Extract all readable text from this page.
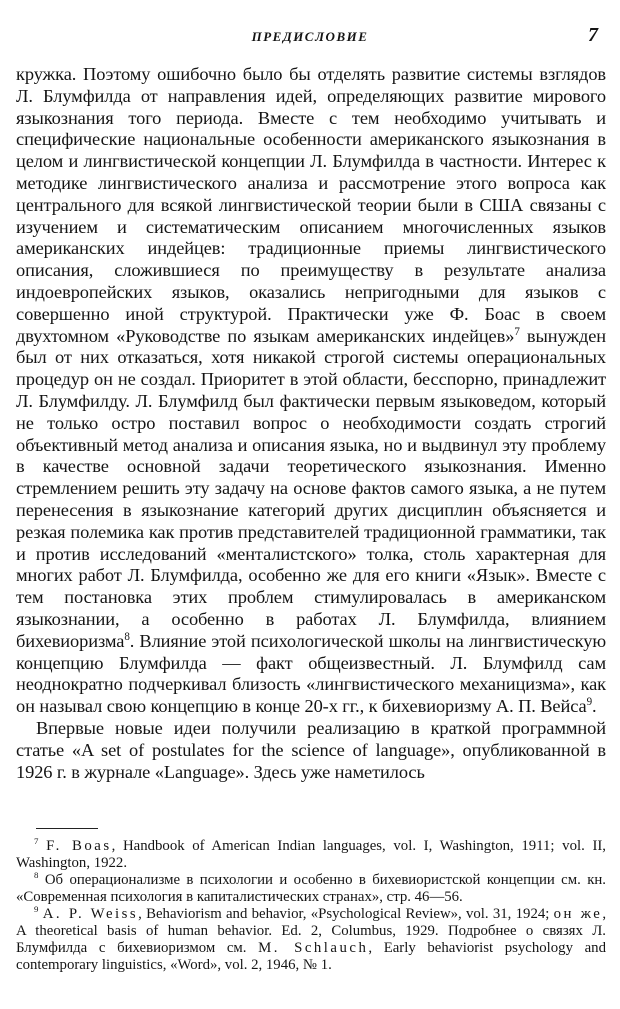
ПРЕДИСЛОВИЕ	7

кружка. Поэтому ошибочно было бы отделять развитие системы взглядов Л. Блумфилда от направления идей, определяющих развитие мирового языкознания того периода. Вместе с тем необходимо учитывать и специфические национальные особенности американского языкознания в целом и лингвистической концепции Л. Блумфилда в частности. Интерес к методике лингвистического анализа и рассмотрение этого вопроса как центрального для всякой лингвистической теории были в США связаны с изучением и систематическим описанием многочисленных языков американских индейцев: традиционные приемы лингвистического описания, сложившиеся по преимуществу в результате анализа индоевропейских языков, оказались непригодными для языков с совершенно иной структурой. Практически уже Ф. Боас в своем двухтомном «Руководстве по языкам американских индейцев»$^7$ вынужден был от них отказаться, хотя никакой строгой системы операциональных процедур он не создал. Приоритет в этой области, бесспорно, принадлежит Л. Блумфилду. Л. Блумфилд был фактически первым языковедом, который не только остро поставил вопрос о необходимости создать строгий объективный метод анализа и описания языка, но и выдвинул эту проблему в качестве основной задачи теоретического языкознания. Именно стремлением решить эту задачу на основе фактов самого языка, а не путем перенесения в языкознание категорий других дисциплин объясняется и резкая полемика как против представителей традиционной грамматики, так и против исследований «менталистского» толка, столь характерная для многих работ Л. Блумфилда, особенно же для его книги «Язык». Вместе с тем постановка этих проблем стимулировалась в американском языкознании, а особенно в работах Л. Блумфилда, влиянием бихевиоризма$^8$. Влияние этой психологической школы на лингвистическую концепцию Блумфилда — факт общеизвестный. Л. Блумфилд сам неоднократно подчеркивал близость «лингвистического механицизма», как он называл свою концепцию в конце 20-х гг., к бихевиоризму А. П. Вейса$^9$.

Впервые новые идеи получили реализацию в краткой программной статье «A set of postulates for the science of language», опубликованной в 1926 г. в журнале «Language». Здесь уже наметилось

$^7$ F. Boas, Handbook of American Indian languages, vol. I, Washington, 1911; vol. II, Washington, 1922.

$^8$ Об операционализме в психологии и особенно в бихевиористской концепции см. кн. «Современная психология в капиталистических странах», стр. 46—56.

$^9$ A. P. Weiss, Behaviorism and behavior, «Psychological Review», vol. 31, 1924; он же, A theoretical basis of human behavior. Ed. 2, Columbus, 1929. Подробнее о связях Л. Блумфилда с бихевиоризмом см. M. Schlauch, Early behaviorist psychology and contemporary linguistics, «Word», vol. 2, 1946, № 1.
